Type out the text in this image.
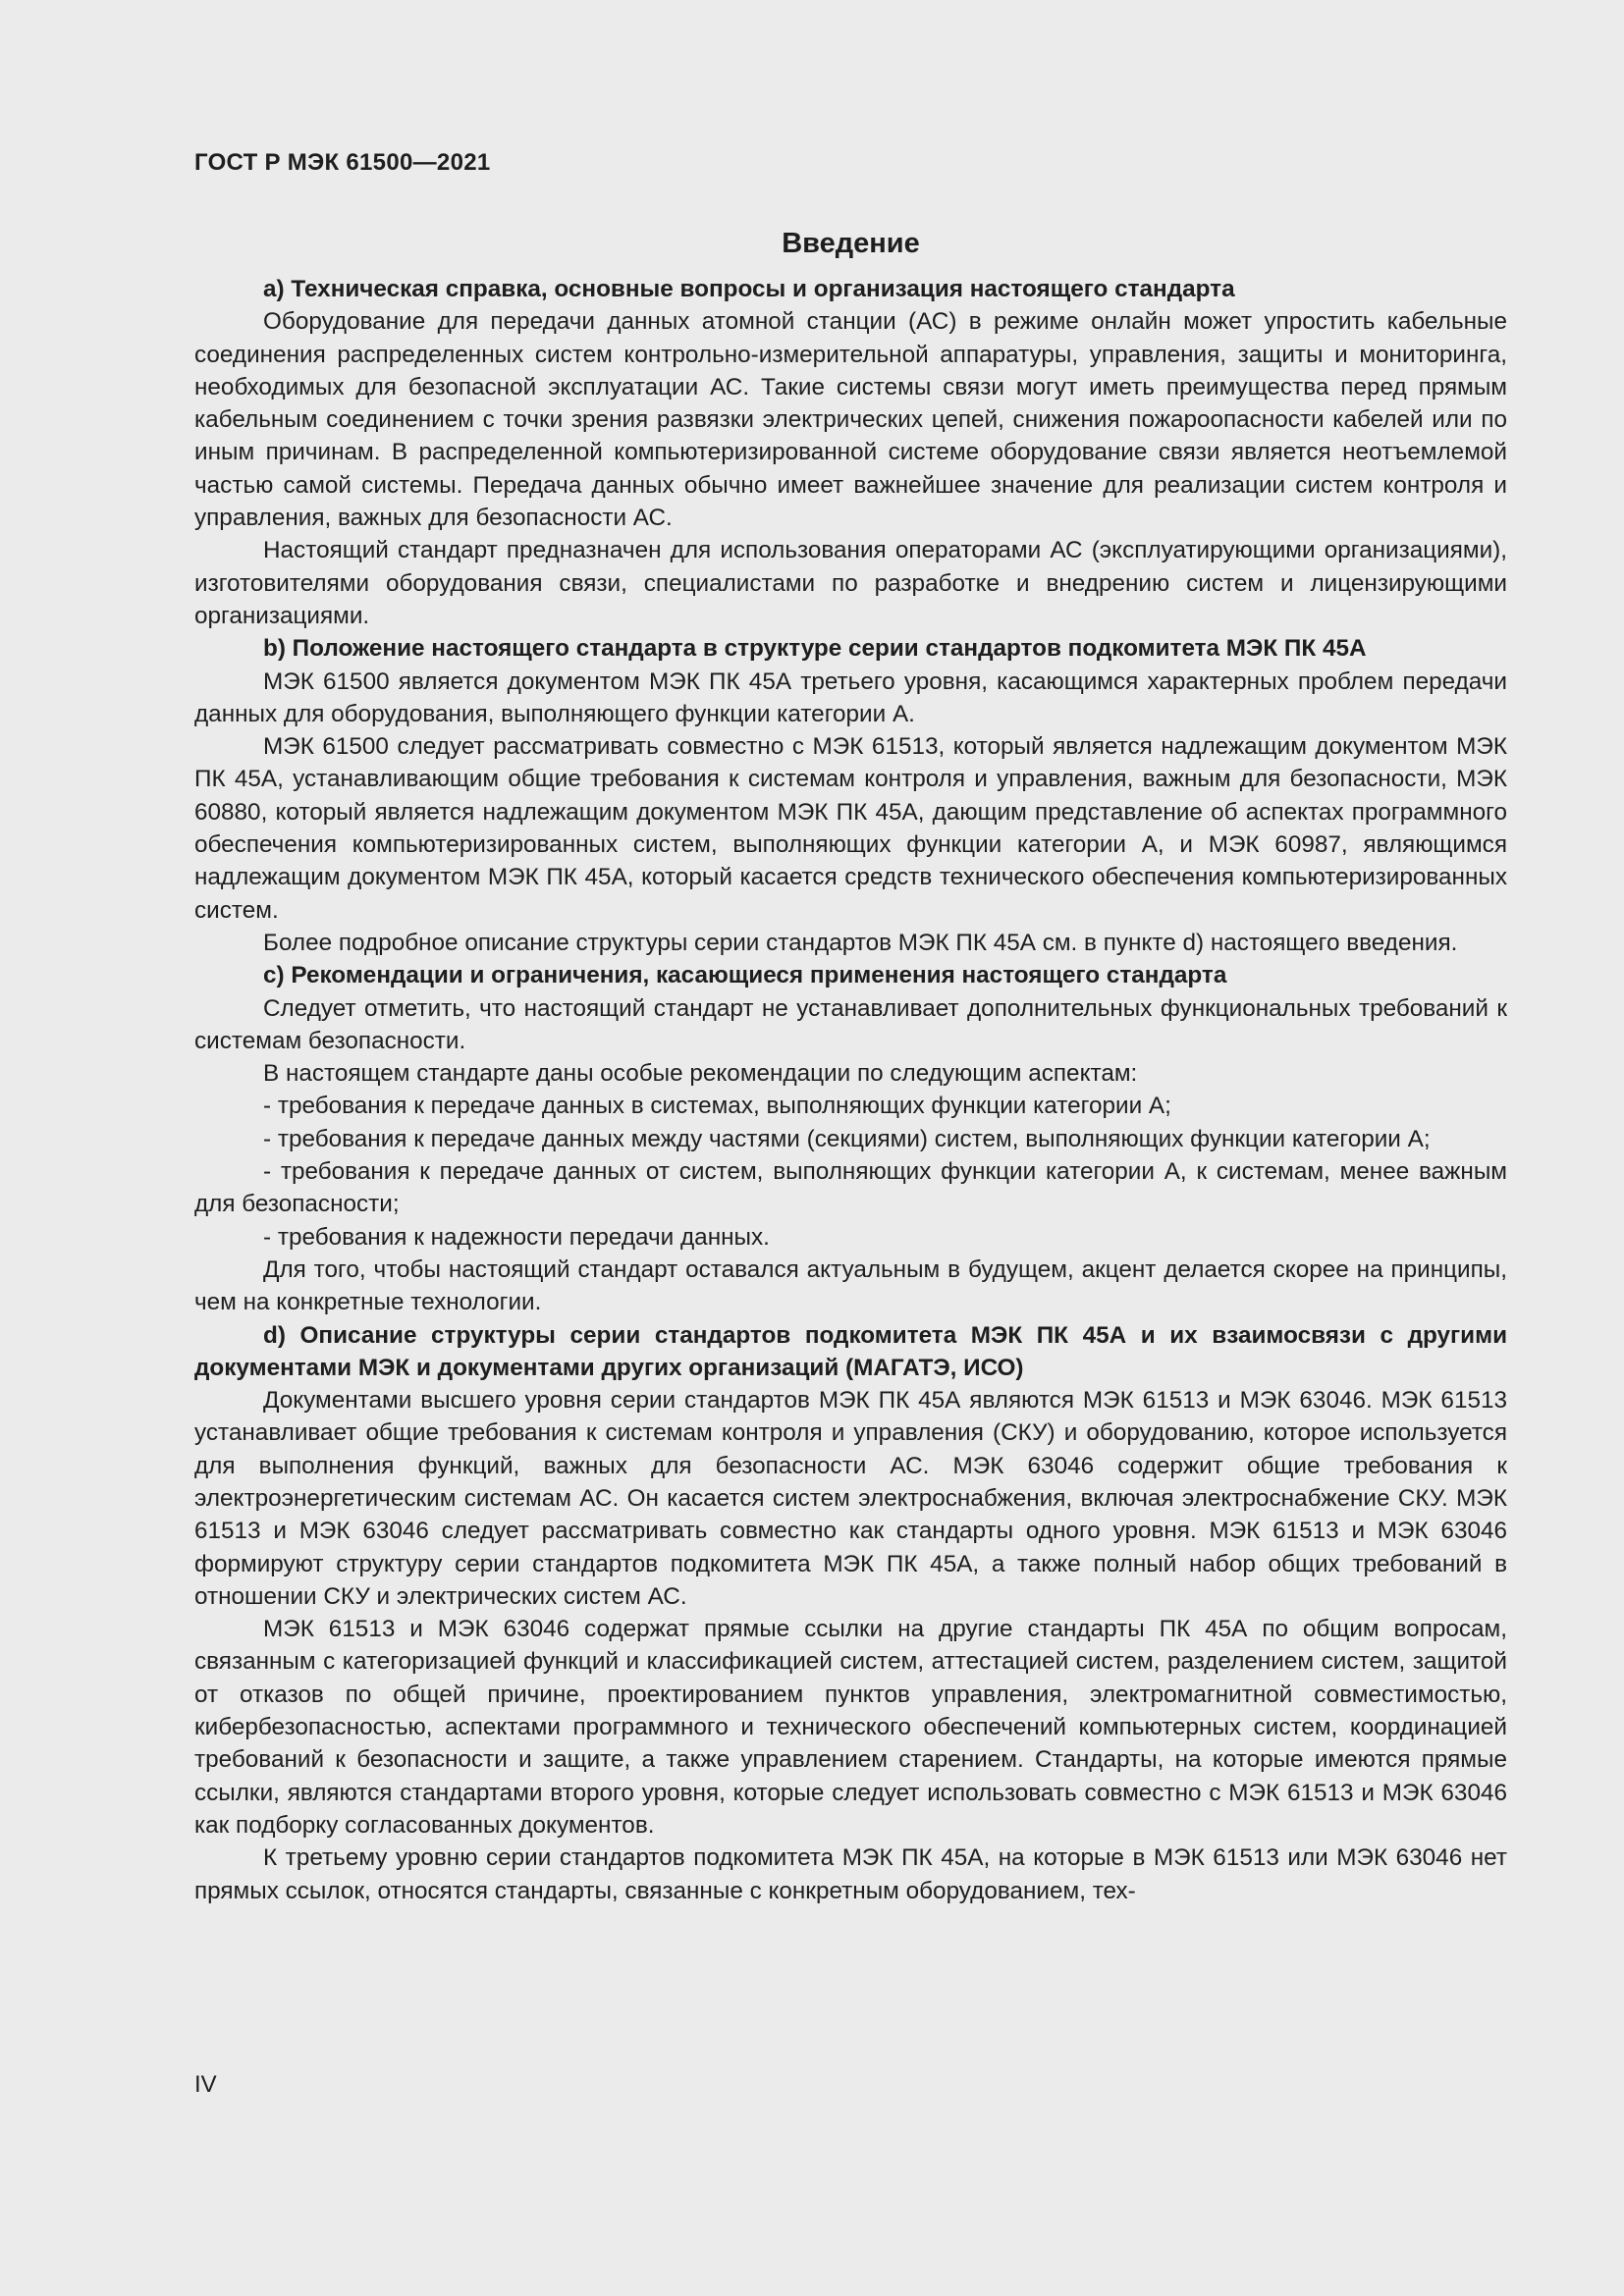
ГОСТ Р МЭК 61500—2021
Введение

а) Техническая справка, основные вопросы и организация настоящего стандарта

Оборудование для передачи данных атомной станции (АС) в режиме онлайн может упростить кабельные соединения распределенных систем контрольно-измерительной аппаратуры, управления, защиты и мониторинга, необходимых для безопасной эксплуатации АС. Такие системы связи могут иметь преимущества перед прямым кабельным соединением с точки зрения развязки электрических цепей, снижения пожароопасности кабелей или по иным причинам. В распределенной компьютеризированной системе оборудование связи является неотъемлемой частью самой системы. Передача данных обычно имеет важнейшее значение для реализации систем контроля и управления, важных для безопасности АС.

Настоящий стандарт предназначен для использования операторами АС (эксплуатирующими организациями), изготовителями оборудования связи, специалистами по разработке и внедрению систем и лицензирующими организациями.

b) Положение настоящего стандарта в структуре серии стандартов подкомитета МЭК ПК 45А

МЭК 61500 является документом МЭК ПК 45А третьего уровня, касающимся характерных проблем передачи данных для оборудования, выполняющего функции категории А.

МЭК 61500 следует рассматривать совместно с МЭК 61513, который является надлежащим документом МЭК ПК 45А, устанавливающим общие требования к системам контроля и управления, важным для безопасности, МЭК 60880, который является надлежащим документом МЭК ПК 45А, дающим представление об аспектах программного обеспечения компьютеризированных систем, выполняющих функции категории А, и МЭК 60987, являющимся надлежащим документом МЭК ПК 45А, который касается средств технического обеспечения компьютеризированных систем.

Более подробное описание структуры серии стандартов МЭК ПК 45А см. в пункте d) настоящего введения.

c) Рекомендации и ограничения, касающиеся применения настоящего стандарта

Следует отметить, что настоящий стандарт не устанавливает дополнительных функциональных требований к системам безопасности.

В настоящем стандарте даны особые рекомендации по следующим аспектам:

- требования к передаче данных в системах, выполняющих функции категории А;

- требования к передаче данных между частями (секциями) систем, выполняющих функции категории А;

- требования к передаче данных от систем, выполняющих функции категории А, к системам, менее важным для безопасности;

- требования к надежности передачи данных.

Для того, чтобы настоящий стандарт оставался актуальным в будущем, акцент делается скорее на принципы, чем на конкретные технологии.

d) Описание структуры серии стандартов подкомитета МЭК ПК 45А и их взаимосвязи с другими документами МЭК и документами других организаций (МАГАТЭ, ИСО)

Документами высшего уровня серии стандартов МЭК ПК 45А являются МЭК 61513 и МЭК 63046. МЭК 61513 устанавливает общие требования к системам контроля и управления (СКУ) и оборудованию, которое используется для выполнения функций, важных для безопасности АС. МЭК 63046 содержит общие требования к электроэнергетическим системам АС. Он касается систем электроснабжения, включая электроснабжение СКУ. МЭК 61513 и МЭК 63046 следует рассматривать совместно как стандарты одного уровня. МЭК 61513 и МЭК 63046 формируют структуру серии стандартов подкомитета МЭК ПК 45А, а также полный набор общих требований в отношении СКУ и электрических систем АС.

МЭК 61513 и МЭК 63046 содержат прямые ссылки на другие стандарты ПК 45А по общим вопросам, связанным с категоризацией функций и классификацией систем, аттестацией систем, разделением систем, защитой от отказов по общей причине, проектированием пунктов управления, электромагнитной совместимостью, кибербезопасностью, аспектами программного и технического обеспечений компьютерных систем, координацией требований к безопасности и защите, а также управлением старением. Стандарты, на которые имеются прямые ссылки, являются стандартами второго уровня, которые следует использовать совместно с МЭК 61513 и МЭК 63046 как подборку согласованных документов.

К третьему уровню серии стандартов подкомитета МЭК ПК 45А, на которые в МЭК 61513 или МЭК 63046 нет прямых ссылок, относятся стандарты, связанные с конкретным оборудованием, тех-

IV
